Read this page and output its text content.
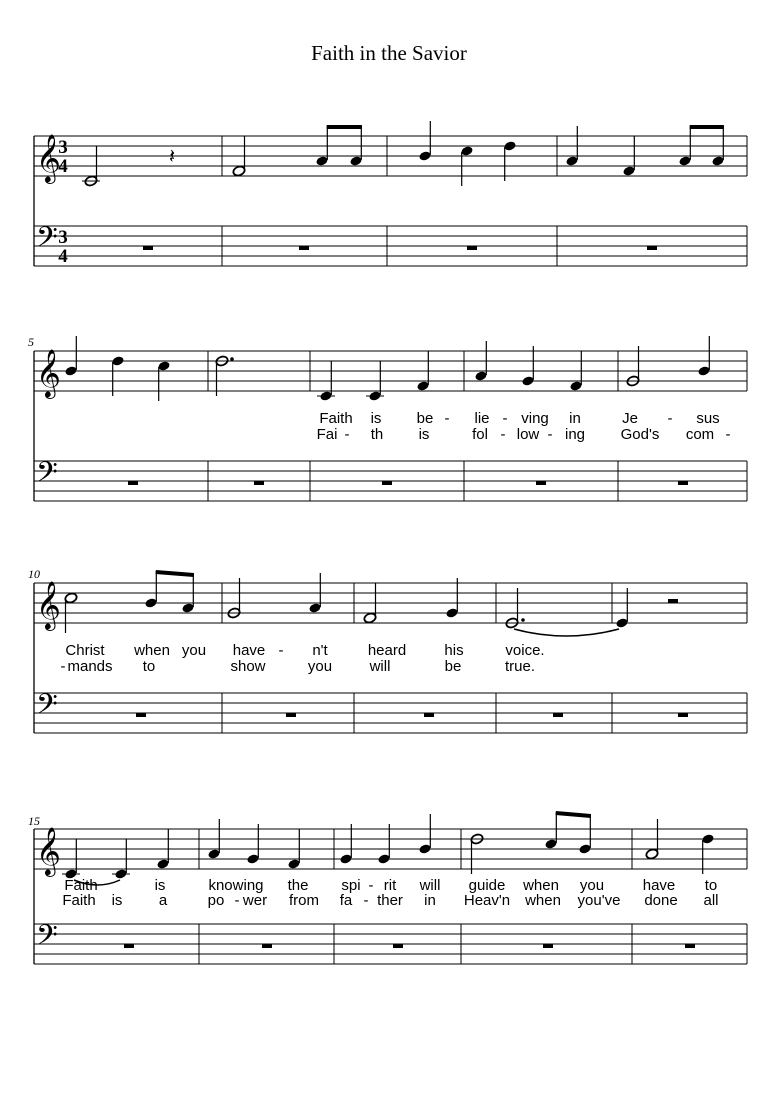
Faith in the Savior
𝄞
𝄢
3
4
3
4
𝄽
5
𝄞
𝄢
Faith is be - lie - ving in	Je - sus
Fai - th is	fol - low - ing God's com -
10
𝄞
𝄢
Christ when you have - n't	heard	his	voice.
mands
-	to	show	you will	be	true.
15
𝄞
𝄢
Faith	is	knowing the spi - rit will guide when you	have to
Faith is a	po - wer from fa - ther in Heav'n when you've done all
